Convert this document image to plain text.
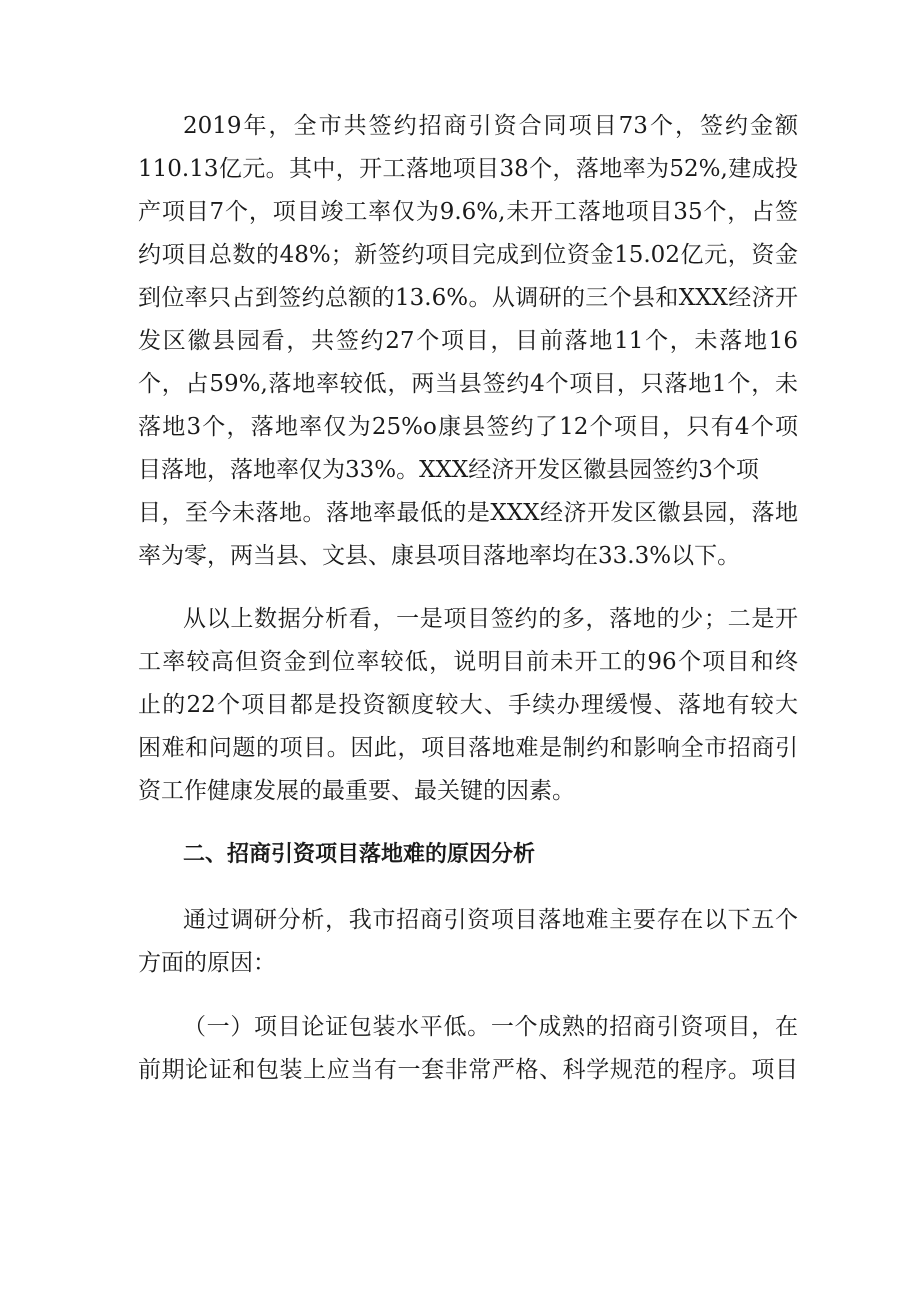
2019年，全市共签约招商引资合同项目73个，签约金额
110.13亿元。其中，开工落地项目38个，落地率为52%,建成投
产项目7个，项目竣工率仅为9.6%,未开工落地项目35个，占签
约项目总数的48%；新签约项目完成到位资金15.02亿元，资金
到位率只占到签约总额的13.6%。从调研的三个县和XXX经济开
发区徽县园看，共签约27个项目，目前落地11个，未落地16
个，占59%,落地率较低，两当县签约4个项目，只落地1个，未
落地3个，落地率仅为25%o康县签约了12个项目，只有4个项
目落地，落地率仅为33%。XXX经济开发区徽县园签约3个项
目，至今未落地。落地率最低的是XXX经济开发区徽县园，落地
率为零，两当县、文县、康县项目落地率均在33.3%以下。
从以上数据分析看，一是项目签约的多，落地的少；二是开
工率较高但资金到位率较低，说明目前未开工的96个项目和终
止的22个项目都是投资额度较大、手续办理缓慢、落地有较大
困难和问题的项目。因此，项目落地难是制约和影响全市招商引
资工作健康发展的最重要、最关键的因素。
二、招商引资项目落地难的原因分析
通过调研分析，我市招商引资项目落地难主要存在以下五个
方面的原因：
（一）项目论证包装水平低。一个成熟的招商引资项目，在
前期论证和包装上应当有一套非常严格、科学规范的程序。项目
